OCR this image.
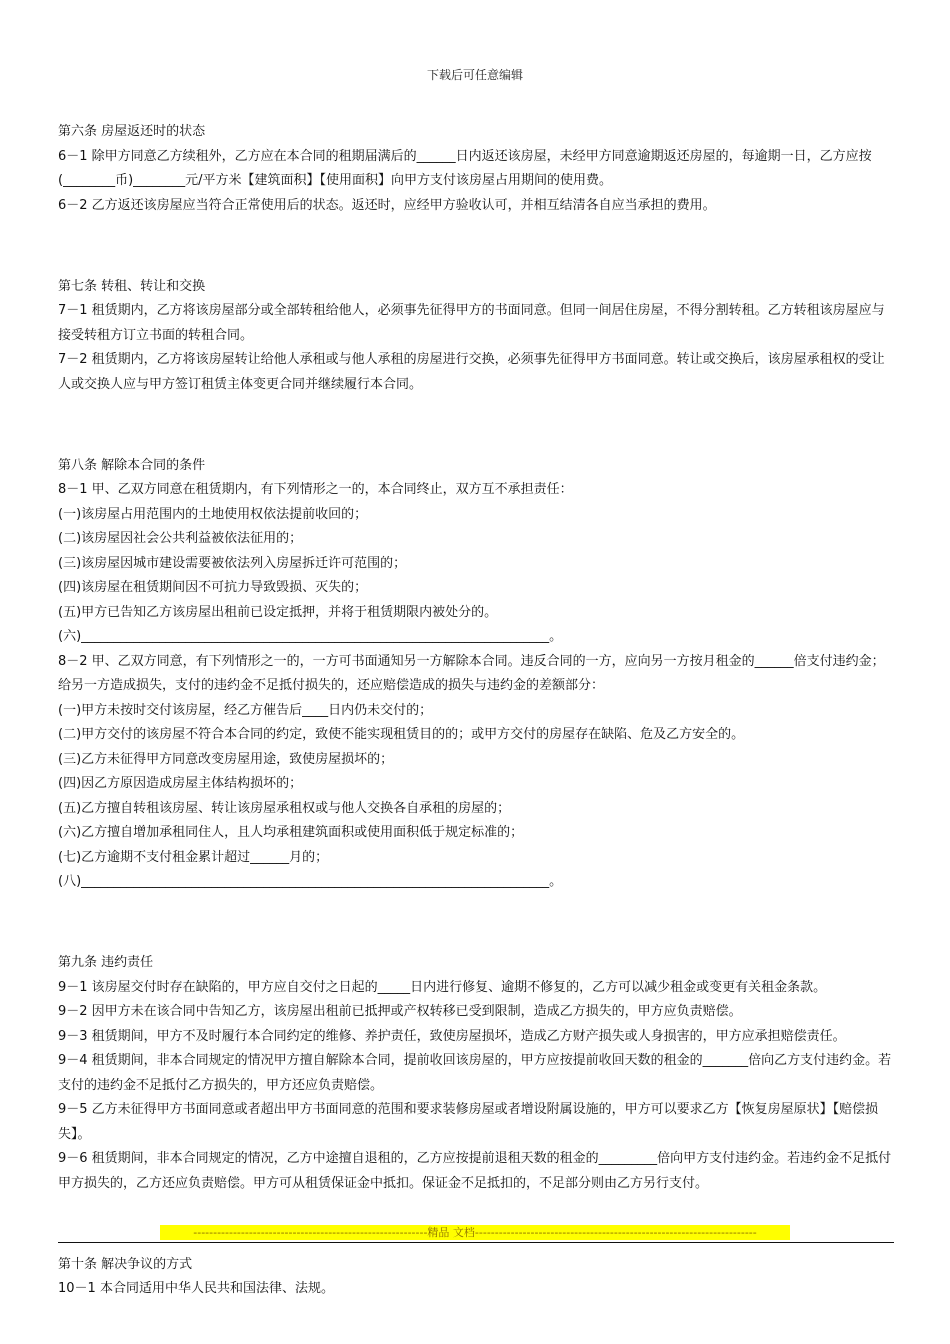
下载后可任意编辑

第六条 房屋返还时的状态

6－1 除甲方同意乙方续租外，乙方应在本合同的租期届满后的______日内返还该房屋，未经甲方同意逾期返还房屋的，每逾期一日，乙方应按(________币)________元/平方米【建筑面积】【使用面积】向甲方支付该房屋占用期间的使用费。

6－2 乙方返还该房屋应当符合正常使用后的状态。返还时，应经甲方验收认可，并相互结清各自应当承担的费用。

第七条 转租、转让和交换

7－1 租赁期内，乙方将该房屋部分或全部转租给他人，必须事先征得甲方的书面同意。但同一间居住房屋，不得分割转租。乙方转租该房屋应与接受转租方订立书面的转租合同。

7－2 租赁期内，乙方将该房屋转让给他人承租或与他人承租的房屋进行交换，必须事先征得甲方书面同意。转让或交换后，该房屋承租权的受让人或交换人应与甲方签订租赁主体变更合同并继续履行本合同。

第八条 解除本合同的条件

8－1 甲、乙双方同意在租赁期内，有下列情形之一的，本合同终止，双方互不承担责任：

(一)该房屋占用范围内的土地使用权依法提前收回的；

(二)该房屋因社会公共利益被依法征用的；

(三)该房屋因城市建设需要被依法列入房屋拆迁许可范围的；

(四)该房屋在租赁期间因不可抗力导致毁损、灭失的；

(五)甲方已告知乙方该房屋出租前已设定抵押，并将于租赁期限内被处分的。

(六)________________________________________________________________________。

8－2 甲、乙双方同意，有下列情形之一的，一方可书面通知另一方解除本合同。违反合同的一方，应向另一方按月租金的______倍支付违约金；给另一方造成损失，支付的违约金不足抵付损失的，还应赔偿造成的损失与违约金的差额部分：

(一)甲方未按时交付该房屋，经乙方催告后____日内仍未交付的；

(二)甲方交付的该房屋不符合本合同的约定，致使不能实现租赁目的的；或甲方交付的房屋存在缺陷、危及乙方安全的。

(三)乙方未征得甲方同意改变房屋用途，致使房屋损坏的；

(四)因乙方原因造成房屋主体结构损坏的；

(五)乙方擅自转租该房屋、转让该房屋承租权或与他人交换各自承租的房屋的；

(六)乙方擅自增加承租同住人，且人均承租建筑面积或使用面积低于规定标准的；

(七)乙方逾期不支付租金累计超过______月的；

(八)________________________________________________________________________。

第九条 违约责任

9－1 该房屋交付时存在缺陷的，甲方应自交付之日起的_____日内进行修复、逾期不修复的，乙方可以减少租金或变更有关租金条款。

9－2 因甲方未在该合同中告知乙方，该房屋出租前已抵押或产权转移已受到限制，造成乙方损失的，甲方应负责赔偿。

9－3 租赁期间，甲方不及时履行本合同约定的维修、养护责任，致使房屋损坏，造成乙方财产损失或人身损害的，甲方应承担赔偿责任。

9－4 租赁期间，非本合同规定的情况甲方擅自解除本合同，提前收回该房屋的，甲方应按提前收回天数的租金的_______倍向乙方支付违约金。若支付的违约金不足抵付乙方损失的，甲方还应负责赔偿。

9－5 乙方未征得甲方书面同意或者超出甲方书面同意的范围和要求装修房屋或者增设附属设施的，甲方可以要求乙方【恢复房屋原状】【赔偿损失】。

9－6 租赁期间，非本合同规定的情况，乙方中途擅自退租的，乙方应按提前退租天数的租金的_________倍向甲方支付违约金。若违约金不足抵付甲方损失的，乙方还应负责赔偿。甲方可从租赁保证金中抵扣。保证金不足抵扣的，不足部分则由乙方另行支付。

第十条 解决争议的方式

10－1 本合同适用中华人民共和国法律、法规。

-----------------------------------------------------------精品 文档-----------------------------------------------------------------------
